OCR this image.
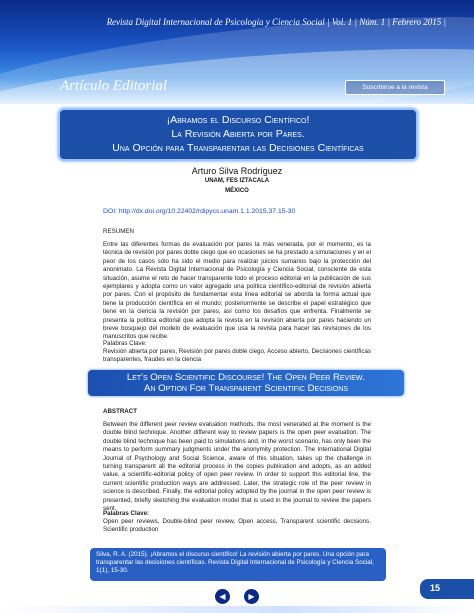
Revista Digital Internacional de Psicología y Ciencia Social | Vol. 1 | Núm. 1 | Febrero 2015 |
Artículo Editorial	Suscribirse a la revista
¡Abramos el Discurso Científico!
La Revisión Abierta por Pares.
Una Opción para Transparentar las Decisiones Científicas
Arturo Silva Rodríguez
UNAM, FES IZTACALA
MÉXICO
DOI: http://dx.doi.org/10.22402/rdipycs.unam.1.1.2015.37.15-30
RESUMEN
Entre las diferentes formas de evaluación por pares la más venerada, por el momento, es la técnica de revisión por pares doble ciego que en ocasiones se ha prestado a simulaciones y en el peor de los casos sólo ha sido el medio para realizar juicios sumarios bajo la protección del anonimato. La Revista Digital Internacional de Psicología y Ciencia Social, consciente de esta situación, asume el reto de hacer transparente todo el proceso editorial en la publicación de sus ejemplares y adopta como un valor agregado una política científico-editorial de revisión abierta por pares. Con el propósito de fundamentar esta línea editorial se aborda la forma actual que tiene la producción científica en el mundo; posteriormente se describe el papel estratégico que tiene en la ciencia la revisión por pares, así como los desafíos que enfrenta. Finalmente se presenta la política editorial que adopta la revista en la revisión abierta por pares haciendo un breve bosquejo del modelo de evaluación que usa la revista para hacer las revisiones de los manuscritos que recibe.
Palabras Clave:
Revisión abierta por pares, Revisión por pares doble ciego, Acceso abierto, Decisiones científicas transparentes, fraudes en la ciencia
Let's Open Scientific Discourse! The Open Peer Review.
An Option For Transparent Scientific Decisions
ABSTRACT
Between the different peer review evaluation methods, the most venerated at the moment is the double blind technique. Another different way to review papers is the open peer evaluation. The double blind technique has been paid to simulations and, in the worst scenario, has only been the means to perform summary judgments under the anonymity protection. The International Digital Journal of Psychology and Social Science, aware of this situation, takes up the challenge in turning transparent all the editorial process in the copies publication and adopts, as an added value, a scientific-editorial policy of open peer review. In order to support this editorial line, the current scientific production ways are addressed. Later, the strategic role of the peer review in science is described. Finally, the editorial policy adopted by the journal in the open peer review is presented, briefly sketching the evaluation model that is used in the journal to review the papers sent.
Palabras Clave:
Open peer reviews, Double-blind peer review, Open access, Transparent scientific decisions, Scientific production
Silva, R. A. (2015). ¡Abramos el discurso científico! La revisión abierta por pares. Una opción para transparentar las decisiones científicas. Revista Digital Internacional de Psicología y Ciencia Social, 1(1), 15-30.
15
◀	▶
